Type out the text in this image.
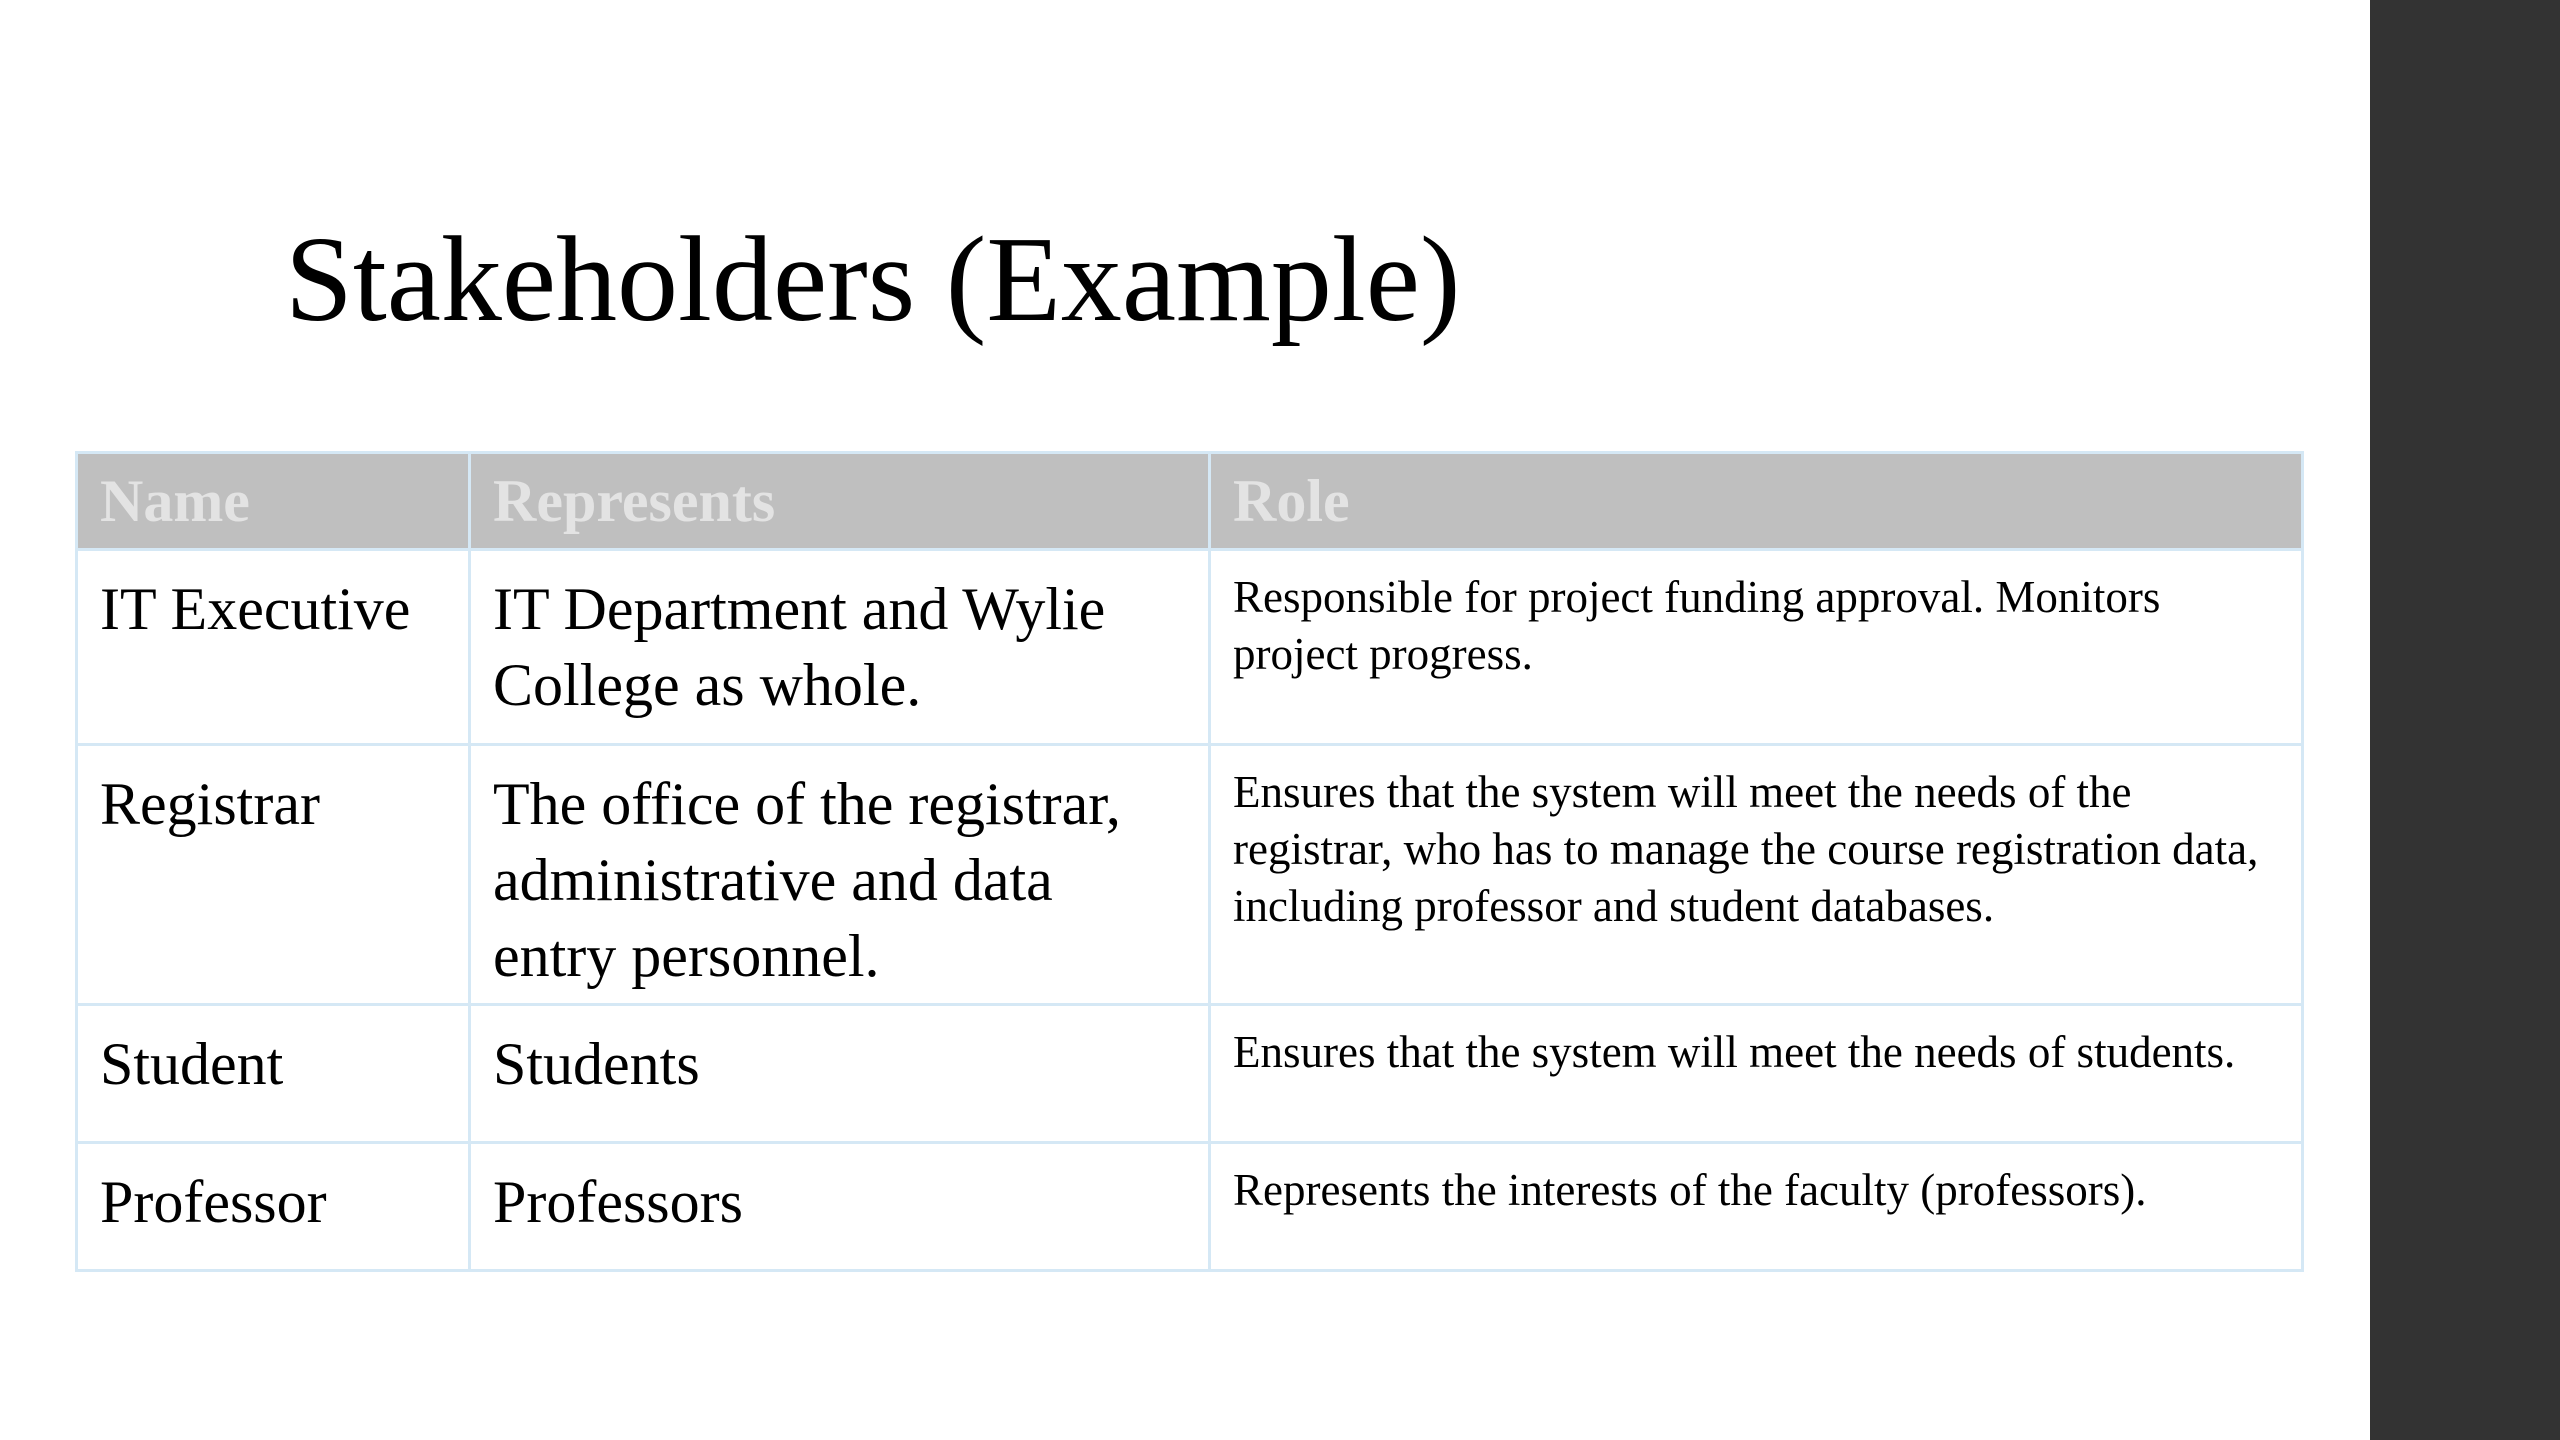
Stakeholders (Example)
Name	Represents	Role
IT Executive	IT Department and Wylie College as whole.	Responsible for project funding approval. Monitors project progress.
Registrar	The office of the registrar, administrative and data entry personnel.	Ensures that the system will meet the needs of the registrar, who has to manage the course registration data, including professor and student databases.
Student	Students	Ensures that the system will meet the needs of students.
Professor	Professors	Represents the interests of the faculty (professors).
